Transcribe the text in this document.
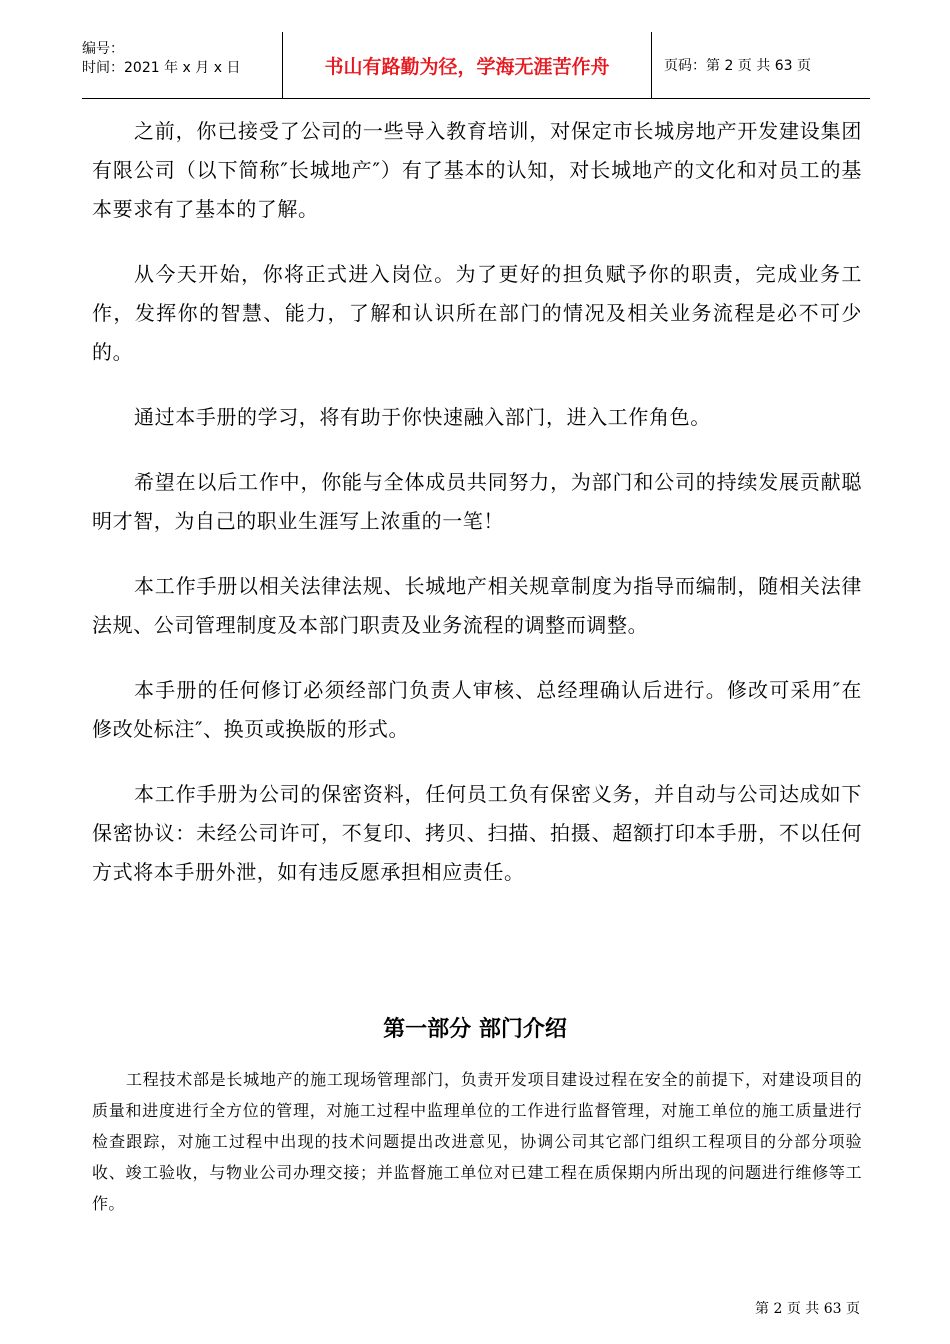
编号：
时间：2021 年 x 月 x 日	书山有路勤为径，学海无涯苦作舟	页码：第 2 页 共 63 页

之前，你已接受了公司的一些导入教育培训，对保定市长城房地产开发建设集团有限公司（以下简称″长城地产″）有了基本的认知，对长城地产的文化和对员工的基本要求有了基本的了解。

从今天开始，你将正式进入岗位。为了更好的担负赋予你的职责，完成业务工作，发挥你的智慧、能力，了解和认识所在部门的情况及相关业务流程是必不可少的。

通过本手册的学习，将有助于你快速融入部门，进入工作角色。

希望在以后工作中，你能与全体成员共同努力，为部门和公司的持续发展贡献聪明才智，为自己的职业生涯写上浓重的一笔！

本工作手册以相关法律法规、长城地产相关规章制度为指导而编制，随相关法律法规、公司管理制度及本部门职责及业务流程的调整而调整。

本手册的任何修订必须经部门负责人审核、总经理确认后进行。修改可采用″在修改处标注″、换页或换版的形式。

本工作手册为公司的保密资料，任何员工负有保密义务，并自动与公司达成如下保密协议：未经公司许可，不复印、拷贝、扫描、拍摄、超额打印本手册，不以任何方式将本手册外泄，如有违反愿承担相应责任。

第一部分 部门介绍

工程技术部是长城地产的施工现场管理部门，负责开发项目建设过程在安全的前提下，对建设项目的质量和进度进行全方位的管理，对施工过程中监理单位的工作进行监督管理，对施工单位的施工质量进行检查跟踪，对施工过程中出现的技术问题提出改进意见，协调公司其它部门组织工程项目的分部分项验收、竣工验收，与物业公司办理交接；并监督施工单位对已建工程在质保期内所出现的问题进行维修等工作。

第 2 页 共 63 页
